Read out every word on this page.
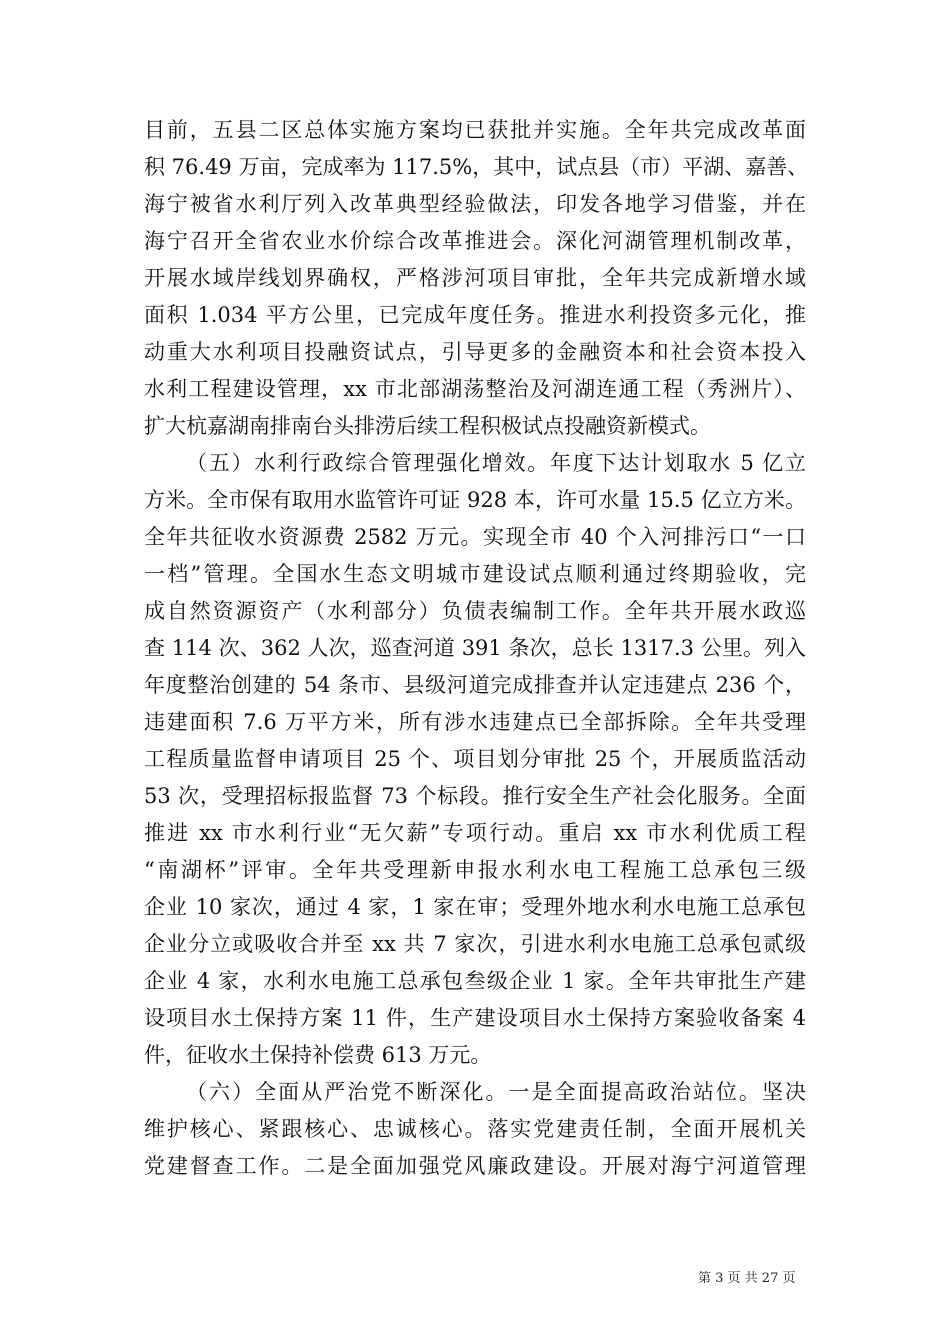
目前，五县二区总体实施方案均已获批并实施。全年共完成改革面
积 76.49 万亩，完成率为 117.5%，其中，试点县（市）平湖、嘉善、
海宁被省水利厅列入改革典型经验做法，印发各地学习借鉴，并在
海宁召开全省农业水价综合改革推进会。深化河湖管理机制改革，
开展水域岸线划界确权，严格涉河项目审批，全年共完成新增水域
面积 1.034 平方公里，已完成年度任务。推进水利投资多元化，推
动重大水利项目投融资试点，引导更多的金融资本和社会资本投入
水利工程建设管理，xx 市北部湖荡整治及河湖连通工程（秀洲片）、
扩大杭嘉湖南排南台头排涝后续工程积极试点投融资新模式。
（五）水利行政综合管理强化增效。年度下达计划取水 5 亿立
方米。全市保有取用水监管许可证 928 本，许可水量 15.5 亿立方米。
全年共征收水资源费 2582 万元。实现全市 40 个入河排污口“一口
一档”管理。全国水生态文明城市建设试点顺利通过终期验收，完
成自然资源资产（水利部分）负债表编制工作。全年共开展水政巡
查 114 次、362 人次，巡查河道 391 条次，总长 1317.3 公里。列入
年度整治创建的 54 条市、县级河道完成排查并认定违建点 236 个，
违建面积 7.6 万平方米，所有涉水违建点已全部拆除。全年共受理
工程质量监督申请项目 25 个、项目划分审批 25 个，开展质监活动
53 次，受理招标报监督 73 个标段。推行安全生产社会化服务。全面
推进 xx 市水利行业“无欠薪”专项行动。重启 xx 市水利优质工程
“南湖杯”评审。全年共受理新申报水利水电工程施工总承包三级
企业 10 家次，通过 4 家，1 家在审；受理外地水利水电施工总承包
企业分立或吸收合并至 xx 共 7 家次，引进水利水电施工总承包贰级
企业 4 家，水利水电施工总承包叁级企业 1 家。全年共审批生产建
设项目水土保持方案 11 件，生产建设项目水土保持方案验收备案 4
件，征收水土保持补偿费 613 万元。
（六）全面从严治党不断深化。一是全面提高政治站位。坚决
维护核心、紧跟核心、忠诚核心。落实党建责任制，全面开展机关
党建督查工作。二是全面加强党风廉政建设。开展对海宁河道管理
第 3 页 共 27 页
